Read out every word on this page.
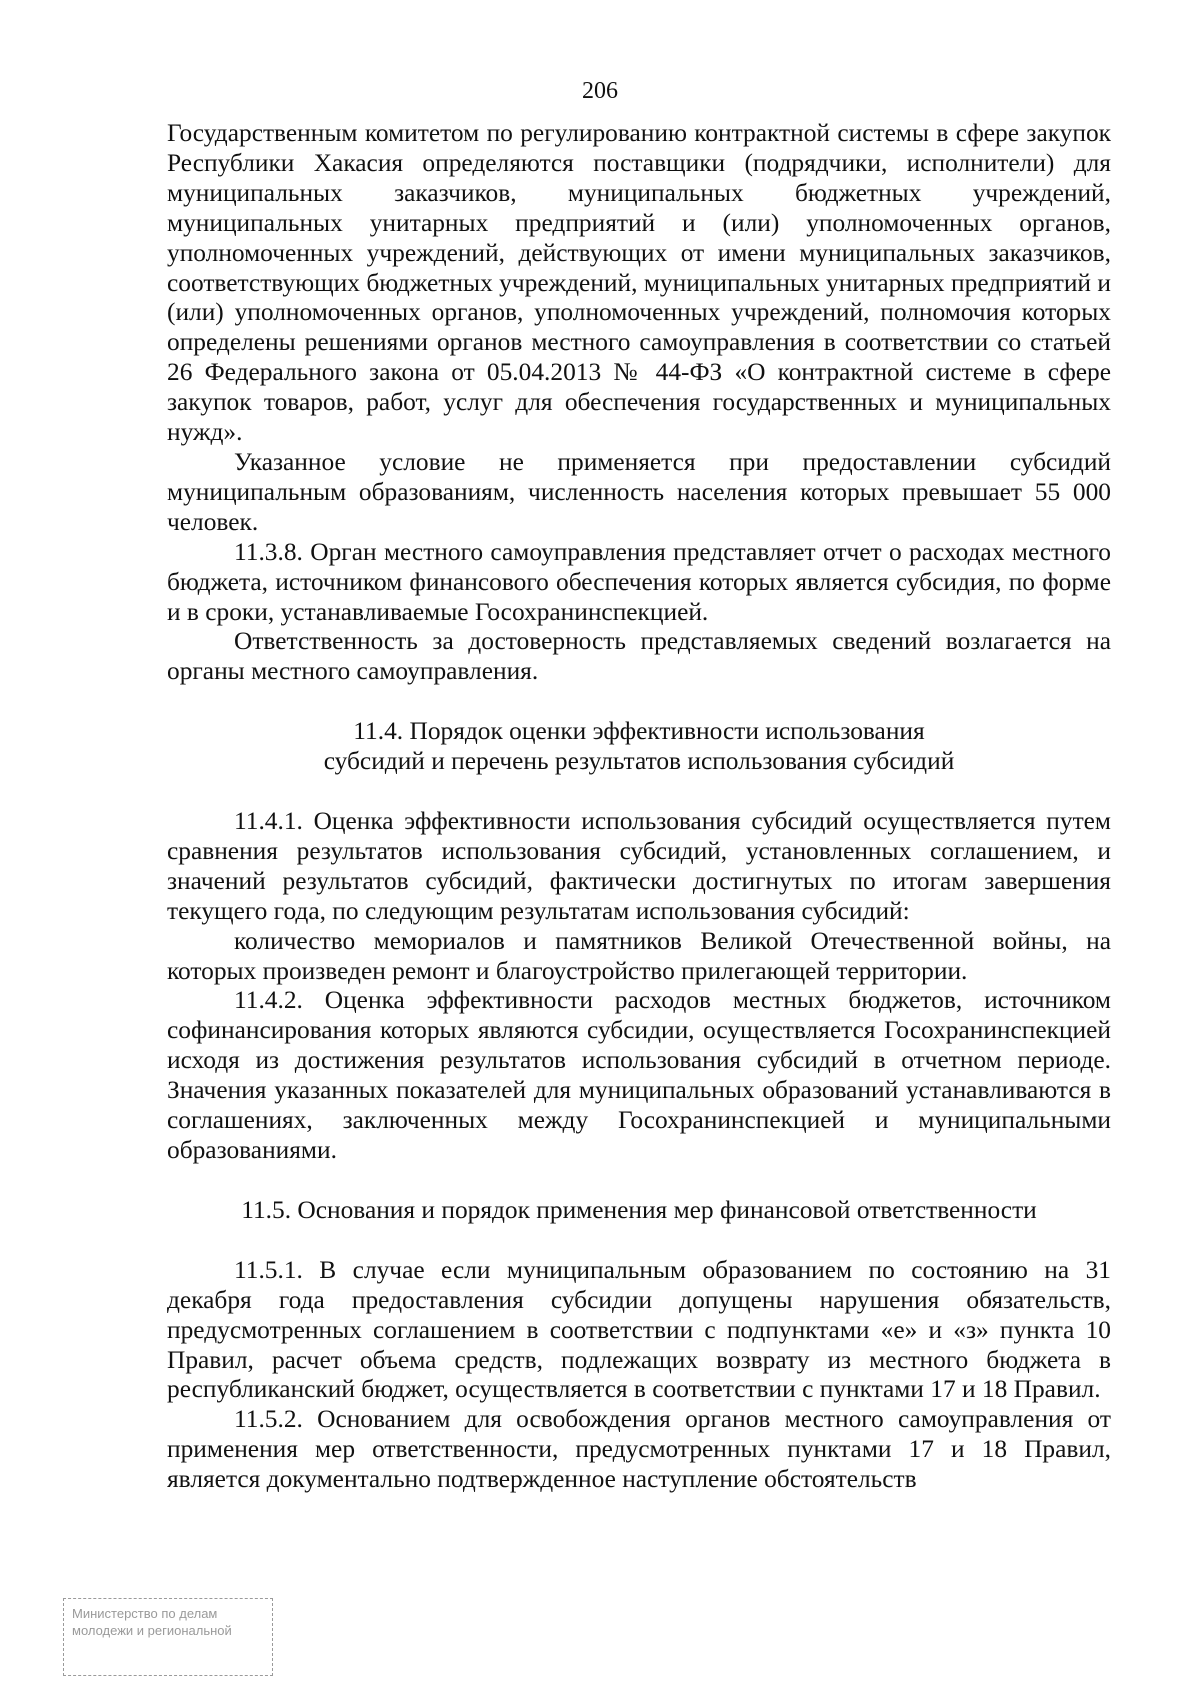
206

Государственным комитетом по регулированию контрактной системы в сфере закупок Республики Хакасия определяются поставщики (подрядчики, исполнители) для муниципальных заказчиков, муниципальных бюджетных учреждений, муниципальных унитарных предприятий и (или) уполномоченных органов, уполномоченных учреждений, действующих от имени муниципальных заказчиков, соответствующих бюджетных учреждений, муниципальных унитарных предприятий и (или) уполномоченных органов, уполномоченных учреждений, полномочия которых определены решениями органов местного самоуправления в соответствии со статьей 26 Федерального закона от 05.04.2013 № 44-ФЗ «О контрактной системе в сфере закупок товаров, работ, услуг для обеспечения государственных и муниципальных нужд».

Указанное условие не применяется при предоставлении субсидий муниципальным образованиям, численность населения которых превышает 55 000 человек.

11.3.8. Орган местного самоуправления представляет отчет о расходах местного бюджета, источником финансового обеспечения которых является субсидия, по форме и в сроки, устанавливаемые Госохранинспекцией.

Ответственность за достоверность представляемых сведений возлагается на органы местного самоуправления.

11.4. Порядок оценки эффективности использования

субсидий и перечень результатов использования субсидий

11.4.1. Оценка эффективности использования субсидий осуществляется путем сравнения результатов использования субсидий, установленных соглашением, и значений результатов субсидий, фактически достигнутых по итогам завершения текущего года, по следующим результатам использования субсидий:

количество мемориалов и памятников Великой Отечественной войны, на которых произведен ремонт и благоустройство прилегающей территории.

11.4.2. Оценка эффективности расходов местных бюджетов, источником софинансирования которых являются субсидии, осуществляется Госохранинспекцией исходя из достижения результатов использования субсидий в отчетном периоде. Значения указанных показателей для муниципальных образований устанавливаются в соглашениях, заключенных между Госохранинспекцией и муниципальными образованиями.

11.5. Основания и порядок применения мер финансовой ответственности

11.5.1. В случае если муниципальным образованием по состоянию на 31 декабря года предоставления субсидии допущены нарушения обязательств, предусмотренных соглашением в соответствии с подпунктами «е» и «з» пункта 10 Правил, расчет объема средств, подлежащих возврату из местного бюджета в республиканский бюджет, осуществляется в соответствии с пунктами 17 и 18 Правил.

11.5.2. Основанием для освобождения органов местного самоуправления от применения мер ответственности, предусмотренных пунктами 17 и 18 Правил, является документально подтвержденное наступление обстоятельств

Министерство по делам
молодежи и региональной
